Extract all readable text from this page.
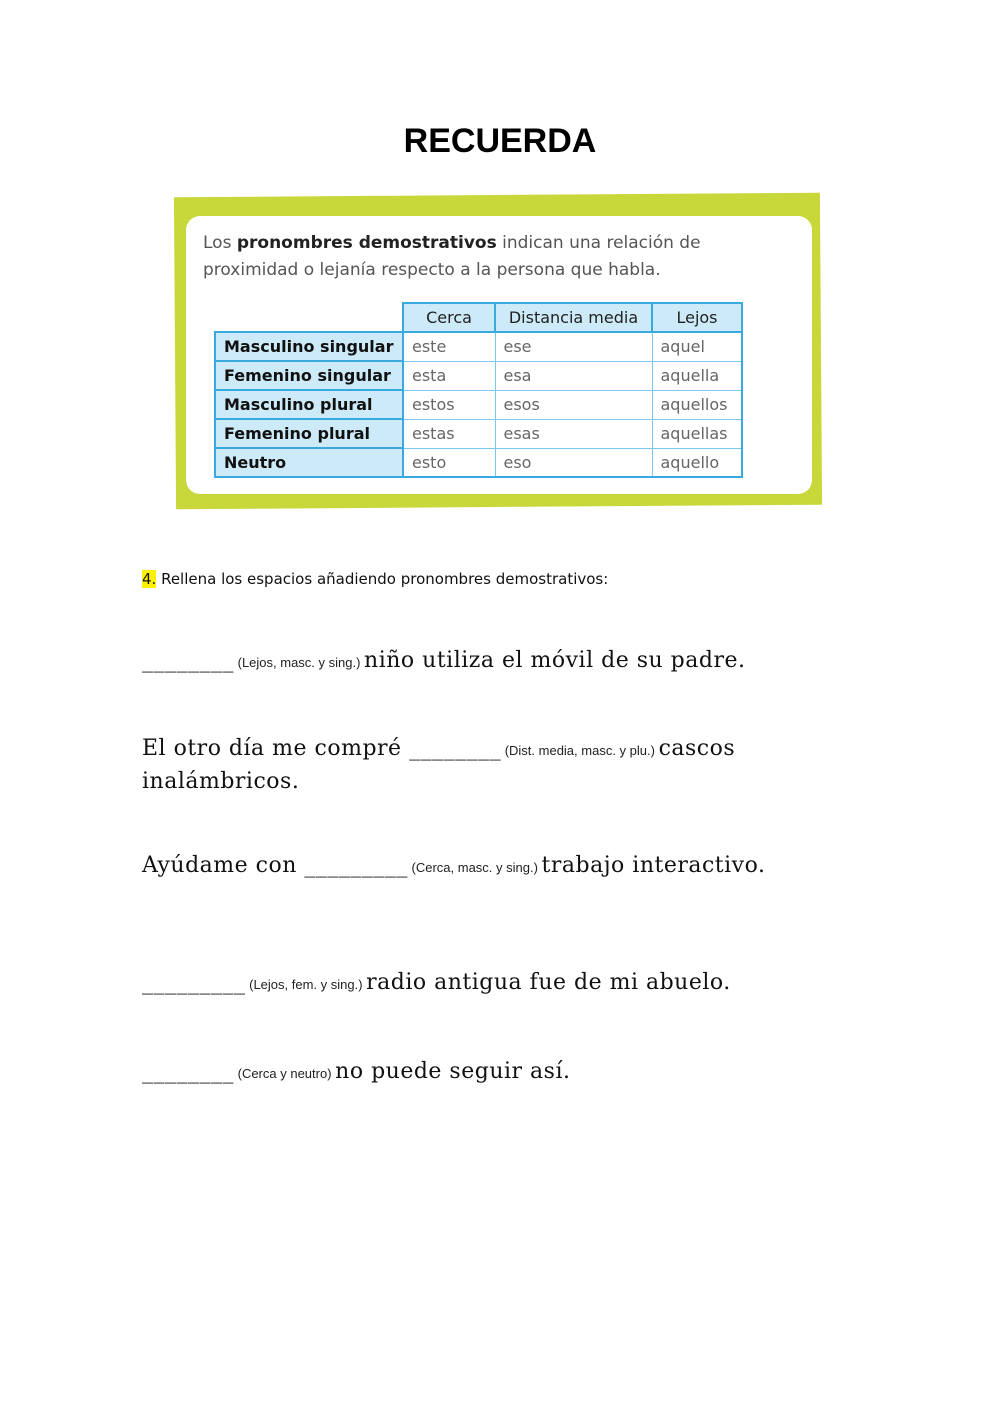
RECUERDA
Los pronombres demostrativos indican una relación de proximidad o lejanía respecto a la persona que habla.
	Cerca	Distancia media	Lejos
Masculino singular	este	ese	aquel
Femenino singular	esta	esa	aquella
Masculino plural	estos	esos	aquellos
Femenino plural	estas	esas	aquellas
Neutro	esto	eso	aquello
4. Rellena los espacios añadiendo pronombres demostrativos:
________ (Lejos, masc. y sing.) niño utiliza el móvil de su padre.
El otro día me compré ________ (Dist. media, masc. y plu.) cascos inalámbricos.
Ayúdame con _________ (Cerca, masc. y sing.) trabajo interactivo.
_________ (Lejos, fem. y sing.) radio antigua fue de mi abuelo.
________ (Cerca y neutro) no puede seguir así.
